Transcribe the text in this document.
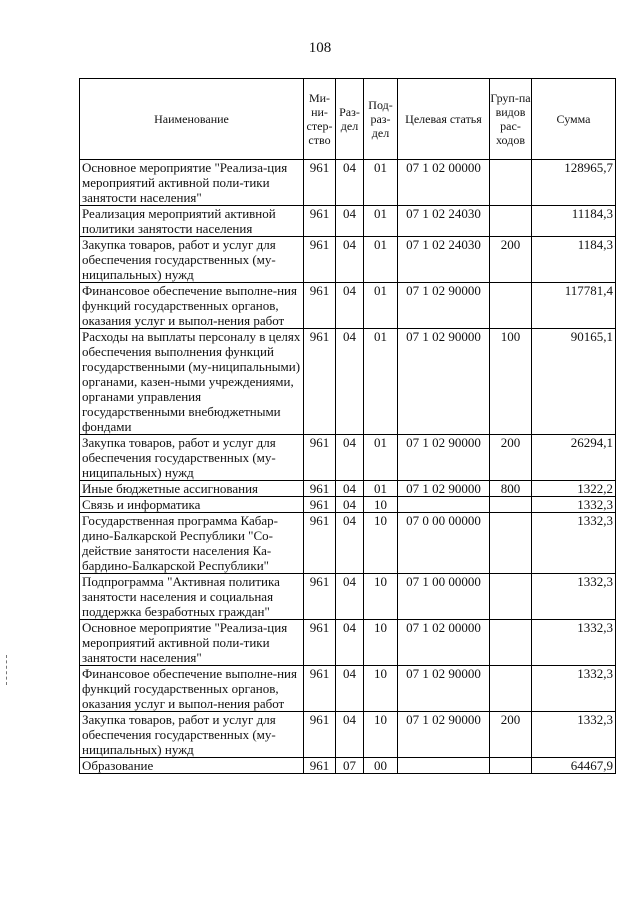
108
Наименование	Ми-ни-стер-ство	Раз-дел	Под-раз-дел	Целевая статья	Груп-па видов рас-ходов	Сумма
Основное мероприятие "Реализа-ция мероприятий активной поли-тики занятости населения"	961	04	01	07 1 02 00000		128965,7
Реализация мероприятий активной политики занятости населения	961	04	01	07 1 02 24030		11184,3
Закупка товаров, работ и услуг для обеспечения государственных (му-ниципальных) нужд	961	04	01	07 1 02 24030	200	1184,3
Финансовое обеспечение выполне-ния функций государственных органов, оказания услуг и выпол-нения работ	961	04	01	07 1 02 90000		117781,4
Расходы на выплаты персоналу в целях обеспечения выполнения функций государственными (му-ниципальными) органами, казен-ными учреждениями, органами управления государственными внебюджетными фондами	961	04	01	07 1 02 90000	100	90165,1
Закупка товаров, работ и услуг для обеспечения государственных (му-ниципальных) нужд	961	04	01	07 1 02 90000	200	26294,1
Иные бюджетные ассигнования	961	04	01	07 1 02 90000	800	1322,2
Связь и информатика	961	04	10			1332,3
Государственная программа Кабар-дино-Балкарской Республики "Со-действие занятости населения Ка-бардино-Балкарской Республики"	961	04	10	07 0 00 00000		1332,3
Подпрограмма "Активная политика занятости населения и социальная поддержка безработных граждан"	961	04	10	07 1 00 00000		1332,3
Основное мероприятие "Реализа-ция мероприятий активной поли-тики занятости населения"	961	04	10	07 1 02 00000		1332,3
Финансовое обеспечение выполне-ния функций государственных органов, оказания услуг и выпол-нения работ	961	04	10	07 1 02 90000		1332,3
Закупка товаров, работ и услуг для обеспечения государственных (му-ниципальных) нужд	961	04	10	07 1 02 90000	200	1332,3
Образование	961	07	00			64467,9
